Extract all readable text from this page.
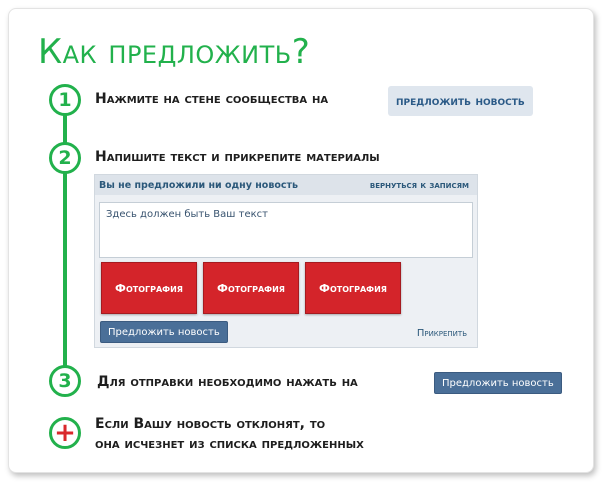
Как предложить?
1	Нажмите на стене сообщества на	предложить новость
2	Напишите текст и прикрепите материалы
Вы не предложили ни одну новость	вернуться к записям
Здесь должен быть Ваш текст
Фотография	Фотография	Фотография
Предложить новость	Прикрепить
3	Для отправки необходимо нажать на	Предложить новость
+ Если Вашу новость отклонят, то
она исчезнет из списка предложенных
